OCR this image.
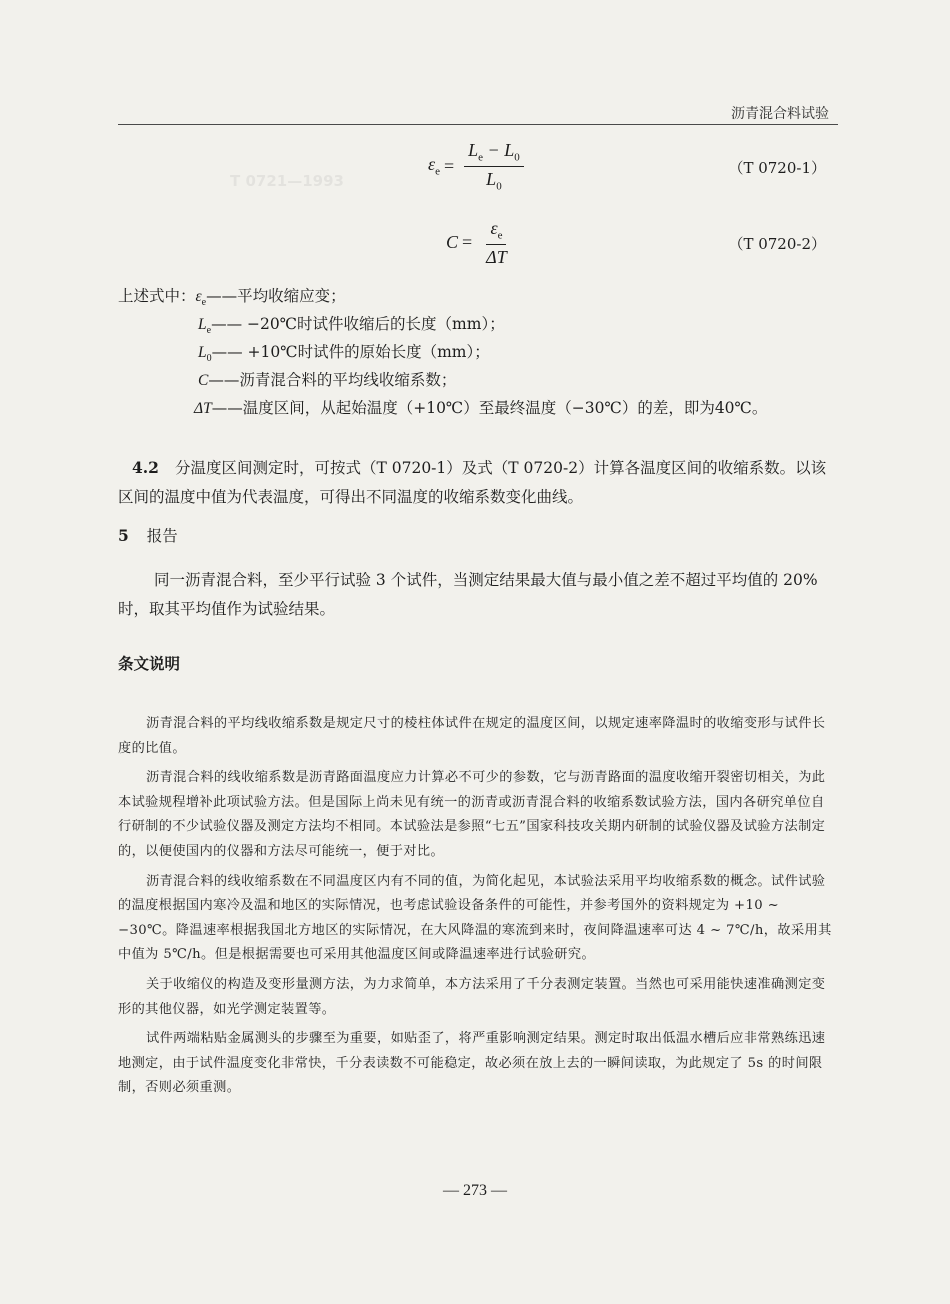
T 0721—1993
沥青混合料试验
$\varepsilon_e = \frac{L_e - L_0}{L_0}$	（T 0720-1）
$C = \frac{\varepsilon_e}{\Delta T}$	（T 0720-2）
上述式中：$\varepsilon_e——$平均收缩应变；
$L_e——$ −20℃时试件收缩后的长度（mm）；
$L_0——$ +10℃时试件的原始长度（mm）；
C——沥青混合料的平均线收缩系数；
ΔT——温度区间，从起始温度（+10℃）至最终温度（−30℃）的差，即为40℃。
4.2 分温度区间测定时，可按式（T 0720-1）及式（T 0720-2）计算各温度区间的收缩系数。以该区间的温度中值为代表温度，可得出不同温度的收缩系数变化曲线。
5 报告
同一沥青混合料，至少平行试验 3 个试件，当测定结果最大值与最小值之差不超过平均值的 20% 时，取其平均值作为试验结果。
条文说明

沥青混合料的平均线收缩系数是规定尺寸的棱柱体试件在规定的温度区间，以规定速率降温时的收缩变形与试件长度的比值。

沥青混合料的线收缩系数是沥青路面温度应力计算必不可少的参数，它与沥青路面的温度收缩开裂密切相关，为此本试验规程增补此项试验方法。但是国际上尚未见有统一的沥青或沥青混合料的收缩系数试验方法，国内各研究单位自行研制的不少试验仪器及测定方法均不相同。本试验法是参照“七五”国家科技攻关期内研制的试验仪器及试验方法制定的，以便使国内的仪器和方法尽可能统一，便于对比。

沥青混合料的线收缩系数在不同温度区内有不同的值，为简化起见，本试验法采用平均收缩系数的概念。试件试验的温度根据国内寒冷及温和地区的实际情况，也考虑试验设备条件的可能性，并参考国外的资料规定为 +10 ~ −30℃。降温速率根据我国北方地区的实际情况，在大风降温的寒流到来时，夜间降温速率可达 4 ~ 7℃/h，故采用其中值为 5℃/h。但是根据需要也可采用其他温度区间或降温速率进行试验研究。

关于收缩仪的构造及变形量测方法，为力求简单，本方法采用了千分表测定装置。当然也可采用能快速准确测定变形的其他仪器，如光学测定装置等。

试件两端粘贴金属测头的步骤至为重要，如贴歪了，将严重影响测定结果。测定时取出低温水槽后应非常熟练迅速地测定，由于试件温度变化非常快，千分表读数不可能稳定，故必须在放上去的一瞬间读取，为此规定了 5s 的时间限制，否则必须重测。

— 273 —
